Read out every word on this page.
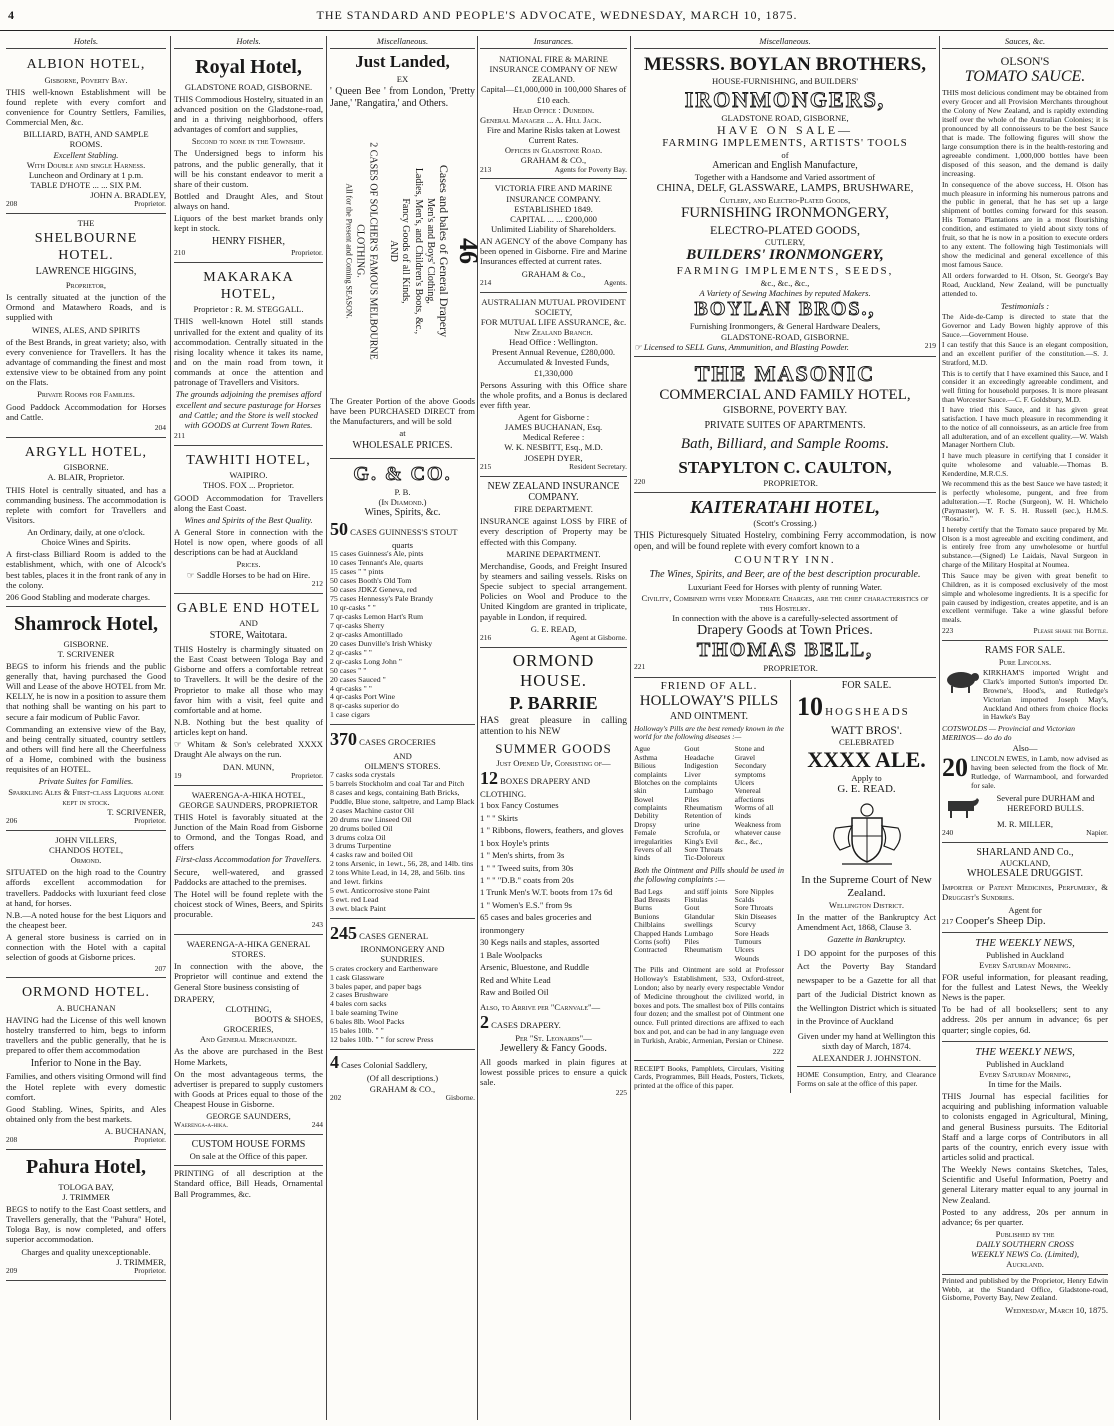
4	THE STANDARD AND PEOPLE'S ADVOCATE, WEDNESDAY, MARCH 10, 1875.
Hotels.
ALBION HOTEL,
Gisborne, Poverty Bay.

THIS well-known Establishment will be found replete with every comfort and convenience for Country Settlers, Families, Commercial Men, &c.

BILLIARD, BATH, AND SAMPLE ROOMS.
Excellent Stabling.
With Double and single Harness.
Luncheon and Ordinary at 1 p.m.
TABLE D'HOTE ... ... SIX P.M.
JOHN A. BRADLEY,
208	Proprietor.
THE
SHELBOURNE HOTEL.
LAWRENCE HIGGINS,
Proprietor,

Is centrally situated at the junction of the Ormond and Matawhero Roads, and is supplied with

WINES, ALES, AND SPIRITS

of the Best Brands, in great variety; also, with every convenience for Travellers. It has the advantage of commanding the finest and most extensive view to be obtained from any point on the Flats.

Private Rooms for Families.

Good Paddock Accommodation for Horses and Cattle.

204
ARGYLL HOTEL,
GISBORNE.
A. BLAIR, Proprietor.

THIS Hotel is centrally situated, and has a commanding business. The accommodation is replete with comfort for Travellers and Visitors.

An Ordinary, daily, at one o'clock.
Choice Wines and Spirits.

A first-class Billiard Room is added to the establishment, which, with one of Alcock's best tables, places it in the front rank of any in the colony.

206 Good Stabling and moderate charges.
Shamrock Hotel,
GISBORNE.
T. SCRIVENER

BEGS to inform his friends and the public generally that, having purchased the Good Will and Lease of the above HOTEL from Mr. KELLY, he is now in a position to assure them that nothing shall be wanting on his part to secure a fair modicum of Public Favor.

Commanding an extensive view of the Bay, and being centrally situated, country settlers and others will find here all the Cheerfulness of a Home, combined with the business requisites of an HOTEL.

Private Suites for Families.
Sparkling Ales & First-class Liquors alone kept in stock.
T. SCRIVENER,
206	Proprietor.
JOHN VILLERS,
CHANDOS HOTEL,
Ormond.

SITUATED on the high road to the Country affords excellent accommodation for travellers. Paddocks with luxuriant feed close at hand, for horses.

N.B.—A noted house for the best Liquors and the cheapest beer.

A general store business is carried on in connection with the Hotel with a capital selection of goods at Gisborne prices.

207
ORMOND HOTEL.
A. BUCHANAN

HAVING had the License of this well known hostelry transferred to him, begs to inform travellers and the public generally, that he is prepared to offer them accommodation

Inferior to None in the Bay.

Families, and others visiting Ormond will find the Hotel replete with every domestic comfort.

Good Stabling. Wines, Spirits, and Ales obtained only from the best markets.

A. BUCHANAN,
208	Proprietor.
Pahura Hotel,
TOLOGA BAY,
J. TRIMMER

BEGS to notify to the East Coast settlers, and Travellers generally, that the "Pahura" Hotel, Tologa Bay, is now completed, and offers superior accommodation.

Charges and quality unexceptionable.
J. TRIMMER,
209	Proprietor.
Hotels.
Royal Hotel,
GLADSTONE ROAD, GISBORNE.

THIS Commodious Hostelry, situated in an advanced position on the Gladstone-road, and in a thriving neighborhood, offers advantages of comfort and supplies,

Second to none in the Township.

The Undersigned begs to inform his patrons, and the public generally, that it will be his constant endeavor to merit a share of their custom.

Bottled and Draught Ales, and Stout always on hand.

Liquors of the best market brands only kept in stock.

HENRY FISHER,
210	Proprietor.
MAKARAKA HOTEL,
Proprietor : R. M. STEGGALL.

THIS well-known Hotel still stands unrivalled for the extent and quality of its accommodation. Centrally situated in the rising locality whence it takes its name, and on the main road from town, it commands at once the attention and patronage of Travellers and Visitors.

The grounds adjoining the premises afford excellent and secure pasturage for Horses and Cattle; and the Store is well stocked with GOODS at Current Town Rates.

211
TAWHITI HOTEL,
WAIPIRO.
THOS. FOX ... Proprietor.

GOOD Accommodation for Travellers along the East Coast.

Wines and Spirits of the Best Quality.

A General Store in connection with the Hotel is now open, where goods of all descriptions can be had at Auckland

Prices.
☞ Saddle Horses to be had on Hire.
212
GABLE END HOTEL
AND
STORE, Waitotara.

THIS Hostelry is charmingly situated on the East Coast between Tologa Bay and Gisborne and offers a comfortable retreat to Travellers. It will be the desire of the Proprietor to make all those who may favor him with a visit, feel quite and comfortable and at home.

N.B. Nothing but the best quality of articles kept on hand.

☞ Whitam & Son's celebrated XXXX Draught Ale always on the run.

DAN. MUNN,
19	Proprietor.
WAERENGA-A-HIKA HOTEL,
GEORGE SAUNDERS, PROPRIETOR

THIS Hotel is favorably situated at the Junction of the Main Road from Gisborne to Ormond, and the Tongas Road, and offers

First-class Accommodation for Travellers.

Secure, well-watered, and grassed Paddocks are attached to the premises.

The Hotel will be found replete with the choicest stock of Wines, Beers, and Spirits procurable.

243
WAERENGA-A-HIKA GENERAL STORES.

In connection with the above, the Proprietor will continue and extend the General Store business consisting of

DRAPERY,
CLOTHING,
BOOTS & SHOES,
GROCERIES,
And General Merchandize.

As the above are purchased in the Best Home Markets,

On the most advantageous terms, the advertiser is prepared to supply customers with Goods at Prices equal to those of the Cheapest House in Gisborne.

GEORGE SAUNDERS,
Waerenga-a-hika.	244
CUSTOM HOUSE FORMS
On sale at the Office of this paper.

PRINTING of all description at the Standard office, Bill Heads, Ornamental Ball Programmes, &c.

Miscellaneous.
Just Landed,
EX

' Queen Bee ' from London, 'Pretty Jane,' 'Rangatira,' and Others.

2 CASES OF SOLCHER'S FAMOUS MELBOURNE CLOTHING.
All for the Present and Coming SEASON.	46
Cases and bales of General Drapery
Men's and Boys' Clothing,
Ladies, Men's, and Children's Boots, &c.,
Fancy Goods of all Kinds,
AND

The Greater Portion of the above Goods have been PURCHASED DIRECT from the Manufacturers, and will be sold

at
WHOLESALE PRICES.
G. & CO.
P. B.
(In Diamond.)
Wines, Spirits, &c.
50 CASES GUINNESS'S STOUT
quarts
15 cases Guinness's Ale, pints
10 cases Tennant's Ale, quarts
15 cases " " pints
50 cases Booth's Old Tom
50 cases JDKZ Geneva, red
75 cases Hennessy's Pale Brandy
10 qr-casks " "
7 qr-casks Lemon Hart's Rum
7 qr-casks Sherry
2 qr-casks Amontillado
20 cases Dunville's Irish Whisky
2 qr-casks " "
2 qr-casks Long John "
50 cases " "
20 cases Sauced "
4 qr-casks " "
4 qr-casks Port Wine
8 qr-casks superior do
1 case cigars
370 CASES GROCERIES
AND
OILMEN'S STORES.
7 casks soda crystals
5 barrels Stockholm and coal Tar and Pitch
8 cases and kegs, containing Bath Bricks, Puddle, Blue stone, saltpetre, and Lamp Black
2 cases Machine castor Oil
20 drums raw Linseed Oil
20 drums boiled Oil
3 drums colza Oil
3 drums Turpentine
4 casks raw and boiled Oil
2 tons Arsenic, in 1ewt., 56, 28, and 14lb. tins
2 tons White Lead, in 14, 28, and 56lb. tins and 1ewt. firkins
5 ewt. Anticorrosive stone Paint
5 ewt. red Lead
3 ewt. black Paint
245 CASES GENERAL
IRONMONGERY AND
SUNDRIES.
5 crates crockery and Earthenware
1 cask Glassware
3 bales paper, and paper bags
2 cases Brushware
4 bales corn sacks
1 bale seaming Twine
6 bales 8lb. Wool Packs
15 bales 10lb. " "
12 bales 10lb. " " for screw Press
4 Cases Colonial Saddlery,
(Of all descriptions.)
GRAHAM & CO.,
202	Gisborne.
Insurances.
NATIONAL FIRE & MARINE INSURANCE COMPANY OF NEW ZEALAND.
Capital—£1,000,000 in 100,000 Shares of £10 each.
Head Office : Dunedin.
General Manager ... A. Hill Jack.
Fire and Marine Risks taken at Lowest Current Rates.
Offices in Gladstone Road.
GRAHAM & CO.,
213	Agents for Poverty Bay.
VICTORIA FIRE AND MARINE INSURANCE COMPANY.
ESTABLISHED 1849.
CAPITAL ... ... £200,000
Unlimited Liability of Shareholders.

AN AGENCY of the above Company has been opened in Gisborne. Fire and Marine Insurances effected at current rates.

GRAHAM & Co.,
214	Agents.
AUSTRALIAN MUTUAL PROVIDENT SOCIETY,
FOR MUTUAL LIFE ASSURANCE, &c.
New Zealand Branch.
Head Office : Wellington.
Present Annual Revenue, £280,000.
Accumulated & Invested Funds, £1,330,000

Persons Assuring with this Office share the whole profits, and a Bonus is declared ever fifth year.

Agent for Gisborne :
JAMES BUCHANAN, Esq.
Medical Referee :
W. K. NESBITT, Esq., M.D.
JOSEPH DYER,
215	Resident Secretary.
NEW ZEALAND INSURANCE COMPANY.
FIRE DEPARTMENT.

INSURANCE against LOSS by FIRE of every description of Property may be effected with this Company.

MARINE DEPARTMENT.

Merchandise, Goods, and Freight Insured by steamers and sailing vessels. Risks on Specie subject to special arrangement. Policies on Wool and Produce to the United Kingdom are granted in triplicate, payable in London, if required.

G. E. READ,
216	Agent at Gisborne.
ORMOND HOUSE.
P. BARRIE

HAS great pleasure in calling attention to his NEW

SUMMER GOODS
Just Opened Up, Consisting of—
12 BOXES DRAPERY AND CLOTHING.
1 box Fancy Costumes
1 " " Skirts
1 " Ribbons, flowers, feathers, and gloves
1 box Hoyle's prints
1 " Men's shirts, from 3s
1 " " Tweed suits, from 30s
1 " " "D.B." coats from 20s
1 Trunk Men's W.T. boots from 17s 6d
1 " Women's E.S." from 9s
65 cases and bales groceries and ironmongery
30 Kegs nails and staples, assorted
1 Bale Woolpacks
Arsenic, Bluestone, and Ruddle
Red and White Lead
Raw and Boiled Oil
Also, to Arrive per "Carnvale"—
2 CASES DRAPERY.
Per "St. Leonards"—
Jewellery & Fancy Goods.

All goods marked in plain figures at lowest possible prices to ensure a quick sale.

225
Miscellaneous.
MESSRS. BOYLAN BROTHERS,
HOUSE-FURNISHING, and BUILDERS'
IRONMONGERS,
GLADSTONE ROAD, GISBORNE,
HAVE ON SALE—
FARMING IMPLEMENTS, ARTISTS' TOOLS
of
American and English Manufacture,
Together with a Handsome and Varied assortment of
CHINA, DELF, GLASSWARE, LAMPS, BRUSHWARE,
Cutlery, and Electro-Plated Goods,
FURNISHING IRONMONGERY,
ELECTRO-PLATED GOODS,
CUTLERY,
BUILDERS' IRONMONGERY,
FARMING IMPLEMENTS, SEEDS,
&c., &c., &c.,
A Variety of Sewing Machines by reputed Makers.
BOYLAN BROS.,
Furnishing Ironmongers, & General Hardware Dealers,
GLADSTONE-ROAD, GISBORNE.
☞ Licensed to SELL Guns, Ammunition, and Blasting Powder.	219
THE MASONIC
COMMERCIAL AND FAMILY HOTEL,
GISBORNE, POVERTY BAY.
PRIVATE SUITES OF APARTMENTS.
Bath, Billiard, and Sample Rooms.
STAPYLTON C. CAULTON,
220	PROPRIETOR.
KAITERATAHI HOTEL,
(Scott's Crossing.)

THIS Picturesquely Situated Hostelry, combining Ferry accommodation, is now open, and will be found replete with every comfort known to a

COUNTRY INN.

The Wines, Spirits, and Beer, are of the best description procurable.

Luxuriant Feed for Horses with plenty of running Water.
Civility, Combined with very Moderate Charges, are the chief characteristics of this Hostelry.
In connection with the above is a carefully-selected assortment of
Drapery Goods at Town Prices.
THOMAS BELL,
221	PROPRIETOR.
FRIEND OF ALL.
HOLLOWAY'S PILLS
AND OINTMENT.

Holloway's Pills are the best remedy known in the world for the following diseases :—

Ague
Asthma
Bilious complaints
Blotches on the skin
Bowel complaints
Debility
Dropsy
Female irregularities
Fevers of all kinds
Gout
Headache
Indigestion
Liver complaints
Lumbago
Piles
Rheumatism
Retention of urine
Scrofula, or King's Evil
Sore Throats
Tic-Doloreux
Stone and Gravel
Secondary symptoms
Ulcers
Venereal affections
Worms of all kinds
Weakness from whatever cause
&c., &c.,

Both the Ointment and Pills should be used in the following complaints :—

Bad Legs
Bad Breasts
Burns
Bunions
Chilblains
Chapped Hands
Corns (soft)
Contracted
and stiff joints
Fistulas
Gout
Glandular swellings
Lumbago
Piles
Rheumatism
Sore Nipples
Scalds
Sore Throats
Skin Diseases
Scurvy
Sore Heads
Tumours
Ulcers
Wounds

The Pills and Ointment are sold at Professor Holloway's Establishment, 533, Oxford-street, London; also by nearly every respectable Vendor of Medicine throughout the civilized world, in boxes and pots. The smallest box of Pills contains four dozen; and the smallest pot of Ointment one ounce. Full printed directions are affixed to each box and pot, and can be had in any language even in Turkish, Arabic, Armenian, Persian or Chinese.

222

RECEIPT Books, Pamphlets, Circulars, Visiting Cards, Programmes, Bill Heads, Posters, Tickets, printed at the office of this paper.

FOR SALE.
10 HOGSHEADS
WATT BROS'.
CELEBRATED
XXXX ALE.
Apply to
G. E. READ.
In the Supreme Court of New Zealand.
Wellington District.

In the matter of the Bankruptcy Act Amendment Act, 1868, Clause 3.

Gazette in Bankruptcy.

I DO appoint for the purposes of this Act the Poverty Bay Standard newspaper to be a Gazette for all that part of the Judicial District known as the Wellington District which is situated in the Province of Auckland

Given under my hand at Wellington this sixth day of March, 1874.

ALEXANDER J. JOHNSTON.

HOME Consumption, Entry, and Clearance Forms on sale at the office of this paper.

Sauces, &c.
OLSON'S
TOMATO SAUCE.

THIS most delicious condiment may be obtained from every Grocer and all Provision Merchants throughout the Colony of New Zealand, and is rapidly extending itself over the whole of the Australian Colonies; it is pronounced by all connoisseurs to be the best Sauce that is made. The following figures will show the large consumption there is in the health-restoring and agreeable condiment. 1,000,000 bottles have been disposed of this season, and the demand is daily increasing.

In consequence of the above success, H. Olson has much pleasure in informing his numerous patrons and the public in general, that he has set up a large shipment of bottles coming forward for this season. His Tomato Plantations are in a most flourishing condition, and estimated to yield about sixty tons of fruit, so that he is now in a position to execute orders to any extent. The following high Testimonials will show the medicinal and general excellence of this most famous Sauce.

All orders forwarded to H. Olson, St. George's Bay Road, Auckland, New Zealand, will be punctually attended to.

Testimonials :

The Aide-de-Camp is directed to state that the Governor and Lady Bowen highly approve of this Sauce.—Government House.

I can testify that this Sauce is an elegant composition, and an excellent purifier of the constitution.—S. J. Stratford, M.D.

This is to certify that I have examined this Sauce, and I consider it an exceedingly agreeable condiment, and well fitting for household purposes. It is more pleasant than Worcester Sauce.—C. F. Goldsbury, M.D.

I have tried this Sauce, and it has given great satisfaction. I have much pleasure in recommending it to the notice of all connoisseurs, as an article free from all adulteration, and of an excellent quality.—W. Walsh Manager Northern Club.

I have much pleasure in certifying that I consider it quite wholesome and valuable.—Thomas B. Kenderdine, M.R.C.S.

We recommend this as the best Sauce we have tasted; it is perfectly wholesome, pungent, and free from adulteration.—T. Roche (Surgeon), W. H. Whichelo (Paymaster), W. F. S. H. Russell (sec.), H.M.S. "Rosario."

I hereby certify that the Tomato sauce prepared by Mr. Olson is a most agreeable and exciting condiment, and is entirely free from any unwholesome or hurtful substance.—(Signed) Le Laidais, Naval Surgeon in charge of the Military Hospital at Noumea.

This Sauce may be given with great benefit to Children, as it is composed exclusively of the most simple and wholesome ingredients. It is a specific for pain caused by indigestion, creates appetite, and is an excellent vermifuge. Take a wine glassful before meals.

223	Please shake the Bottle.
RAMS FOR SALE.
Pure Lincolns.

KIRKHAM'S imported Wright and Clark's imported Sutton's imported Dr. Browne's, Hood's, and Rutledge's Victorian imported Joseph May's, Auckland And others from choice flocks in Hawke's Bay

COTSWOLDS — Provincial and Victorian
MERINOS— do do do
Also—
20 LINCOLN EWES, in Lamb, now advised as having been selected from the flock of Mr. Rutledge, of Warrnambool, and forwarded for sale.

Several pure DURHAM and HEREFORD BULLS.
M. R. MILLER,
240	Napier.
SHARLAND AND Co.,
AUCKLAND,
WHOLESALE DRUGGIST.

Importer of Patent Medicines, Perfumery, & Druggist's Sundries.

Agent for
217 Cooper's Sheep Dip.
THE WEEKLY NEWS,
Published in Auckland
Every Saturday Morning.

FOR useful information, for pleasant reading, for the fullest and Latest News, the Weekly News is the paper.

To be had of all booksellers; sent to any address. 20s per annum in advance; 6s per quarter; single copies, 6d.

THE WEEKLY NEWS,
Published in Auckland
Every Saturday Morning,
In time for the Mails.

THIS Journal has especial facilities for acquiring and publishing information valuable to colonists engaged in Agricultural, Mining, and general Business pursuits. The Editorial Staff and a large corps of Contributors in all parts of the country, enrich every issue with articles solid and practical.

The Weekly News contains Sketches, Tales, Scientific and Useful Information, Poetry and general Literary matter equal to any journal in New Zealand.

Posted to any address, 20s per annum in advance; 6s per quarter.

Published by the
DAILY SOUTHERN CROSS
WEEKLY NEWS Co. (Limited),
Auckland.

Printed and published by the Proprietor, Henry Edwin Webb, at the Standard Office, Gladstone-road, Gisborne, Poverty Bay, New Zealand.

Wednesday, March 10, 1875.
